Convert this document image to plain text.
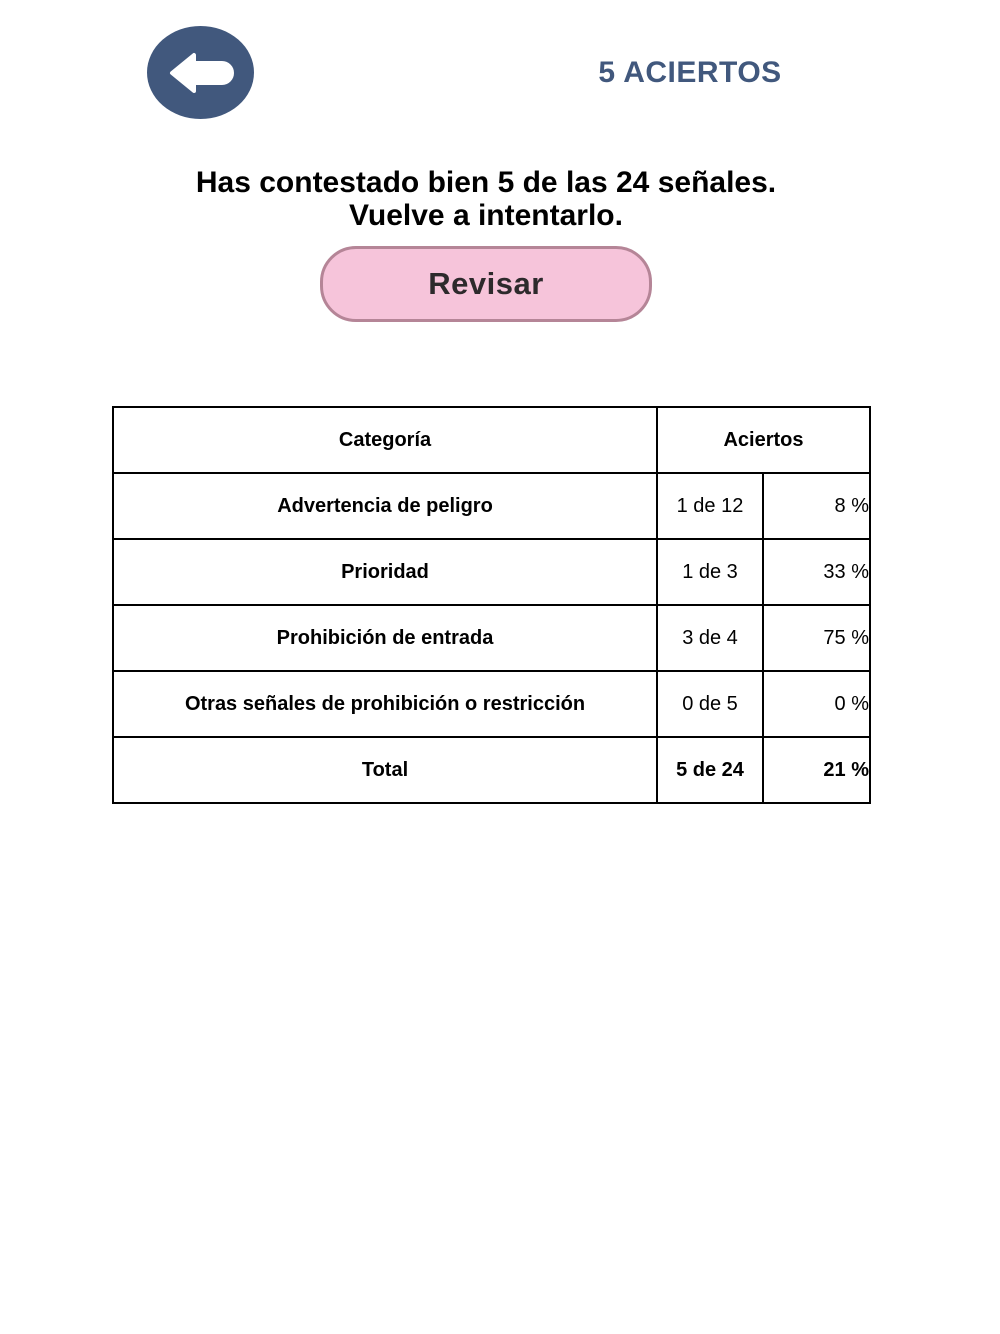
5 ACIERTOS
Has contestado bien 5 de las 24 señales.
Vuelve a intentarlo.
Revisar
Categoría	Aciertos	
Advertencia de peligro	1 de 12	8 %
Prioridad	1 de 3	33 %
Prohibición de entrada	3 de 4	75 %
Otras señales de prohibición o restricción	0 de 5	0 %
Total	5 de 24	21 %
